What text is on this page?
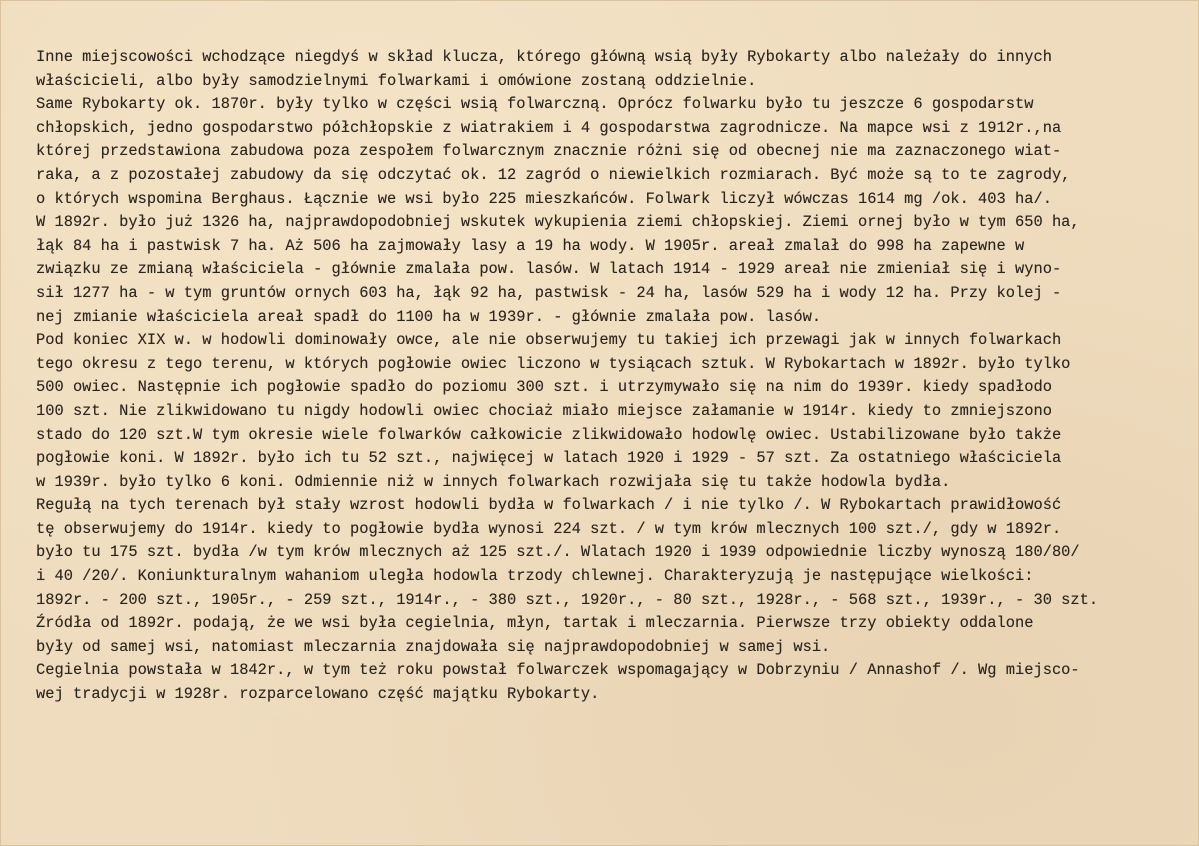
Inne miejscowości wchodzące niegdyś w skład klucza, którego główną wsią były Rybokarty albo należały do innych
właścicieli, albo były samodzielnymi folwarkami i omówione zostaną oddzielnie.
Same Rybokarty ok. 1870r. były tylko w części wsią folwarczną. Oprócz folwarku było tu jeszcze 6 gospodarstw
chłopskich, jedno gospodarstwo półchłopskie z wiatrakiem i 4 gospodarstwa zagrodnicze. Na mapce wsi z 1912r.,na
której przedstawiona zabudowa poza zespołem folwarcznym znacznie różni się od obecnej nie ma zaznaczonego wiat-
raka, a z pozostałej zabudowy da się odczytać ok. 12 zagród o niewielkich rozmiarach. Być może są to te zagrody,
o których wspomina Berghaus. Łącznie we wsi było 225 mieszkańców. Folwark liczył wówczas 1614 mg /ok. 403 ha/.
W 1892r. było już 1326 ha, najprawdopodobniej wskutek wykupienia ziemi chłopskiej. Ziemi ornej było w tym 650 ha,
łąk 84 ha i pastwisk 7 ha. Aż 506 ha zajmowały lasy a 19 ha wody. W 1905r. areał zmalał do 998 ha zapewne w
związku ze zmianą właściciela - głównie zmalała pow. lasów. W latach 1914 - 1929 areał nie zmieniał się i wyno-
sił 1277 ha - w tym gruntów ornych 603 ha, łąk 92 ha, pastwisk - 24 ha, lasów 529 ha i wody 12 ha. Przy kolej -
nej zmianie właściciela areał spadł do 1100 ha w 1939r. - głównie zmalała pow. lasów.
Pod koniec XIX w. w hodowli dominowały owce, ale nie obserwujemy tu takiej ich przewagi jak w innych folwarkach
tego okresu z tego terenu, w których pogłowie owiec liczono w tysiącach sztuk. W Rybokartach w 1892r. było tylko
500 owiec. Następnie ich pogłowie spadło do poziomu 300 szt. i utrzymywało się na nim do 1939r. kiedy spadłodo
100 szt. Nie zlikwidowano tu nigdy hodowli owiec chociaż miało miejsce załamanie w 1914r. kiedy to zmniejszono
stado do 120 szt.W tym okresie wiele folwarków całkowicie zlikwidowało hodowlę owiec. Ustabilizowane było także
pogłowie koni. W 1892r. było ich tu 52 szt., najwięcej w latach 1920 i 1929 - 57 szt. Za ostatniego właściciela
w 1939r. było tylko 6 koni. Odmiennie niż w innych folwarkach rozwijała się tu także hodowla bydła.
Regułą na tych terenach był stały wzrost hodowli bydła w folwarkach / i nie tylko /. W Rybokartach prawidłowość
tę obserwujemy do 1914r. kiedy to pogłowie bydła wynosi 224 szt. / w tym krów mlecznych 100 szt./, gdy w 1892r.
było tu 175 szt. bydła /w tym krów mlecznych aż 125 szt./. Wlatach 1920 i 1939 odpowiednie liczby wynoszą 180/80/
i 40 /20/. Koniunkturalnym wahaniom uległa hodowla trzody chlewnej. Charakteryzują je następujące wielkości:
1892r. - 200 szt., 1905r., - 259 szt., 1914r., - 380 szt., 1920r., - 80 szt., 1928r., - 568 szt., 1939r., - 30 szt.
Źródła od 1892r. podają, że we wsi była cegielnia, młyn, tartak i mleczarnia. Pierwsze trzy obiekty oddalone
były od samej wsi, natomiast mleczarnia znajdowała się najprawdopodobniej w samej wsi.
Cegielnia powstała w 1842r., w tym też roku powstał folwarczek wspomagający w Dobrzyniu / Annashof /. Wg miejsco-
wej tradycji w 1928r. rozparcelowano część majątku Rybokarty.
